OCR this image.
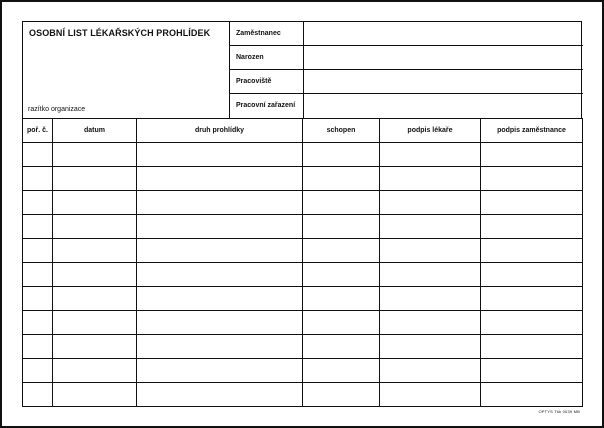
OSOBNÍ LIST LÉKAŘSKÝCH PROHLÍDEK
razítko organizace
Zaměstnanec
Narozen
Pracoviště
Pracovní zařazení
poř. č.	datum	druh prohlídky	schopen	podpis lékaře	podpis zaměstnance

OPTYS Tšk 0039 MB
